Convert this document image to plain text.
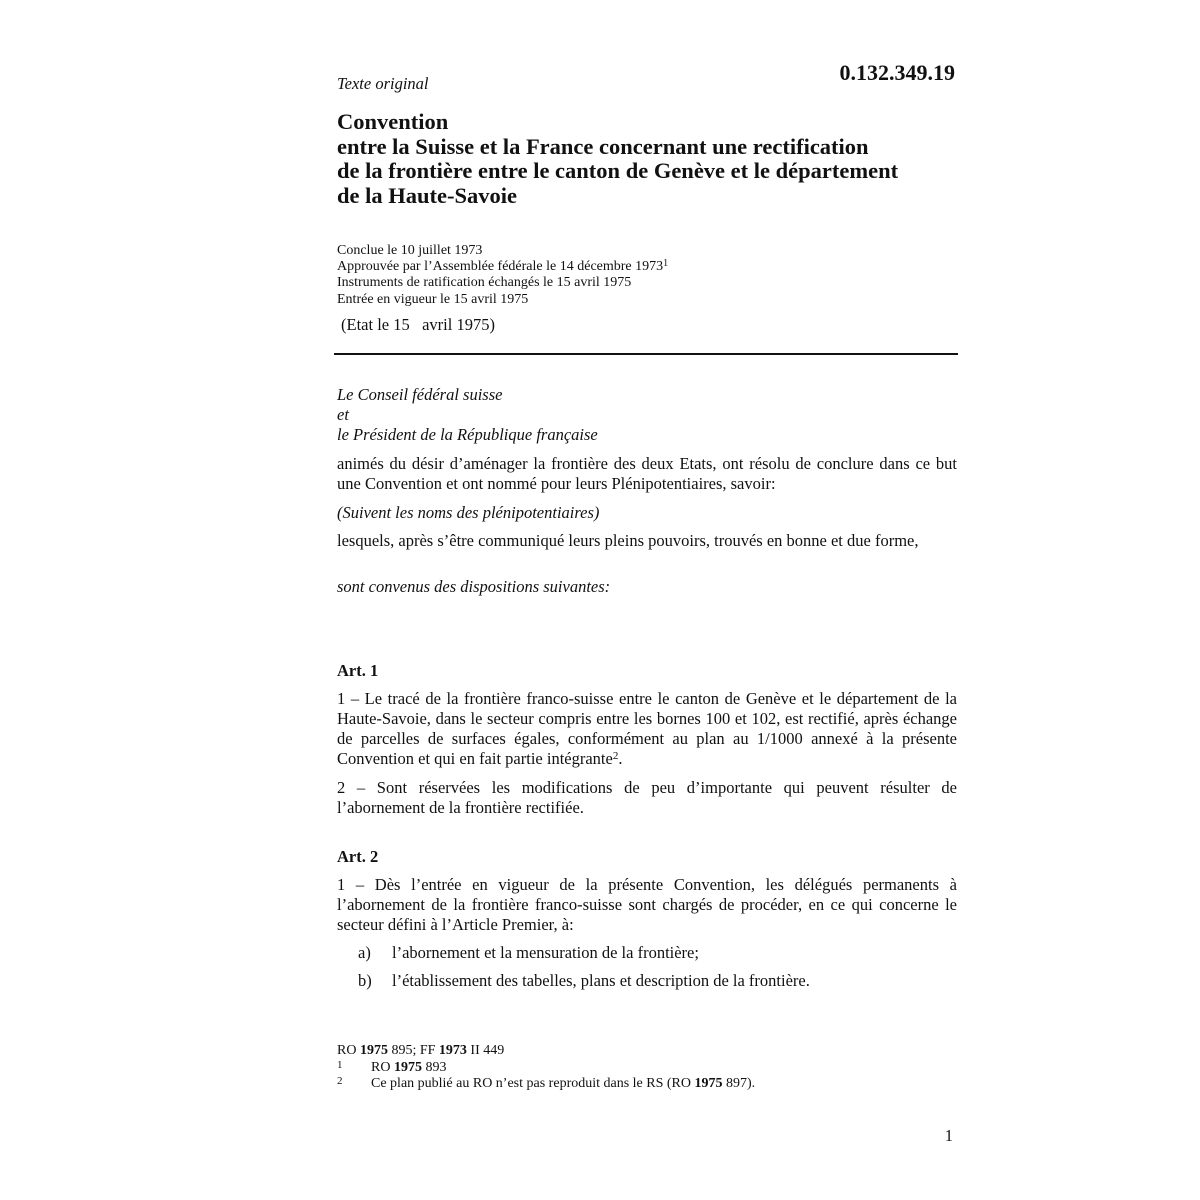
0.132.349.19
Texte original
Convention
entre la Suisse et la France concernant une rectification
de la frontière entre le canton de Genève et le département
de la Haute-Savoie
Conclue le 10 juillet 1973
Approuvée par l’Assemblée fédérale le 14 décembre 1973$^1$
Instruments de ratification échangés le 15 avril 1975
Entrée en vigueur le 15 avril 1975
(Etat le 15   avril 1975)
Le Conseil fédéral suisse
et
le Président de la République française
animés du désir d’aménager la frontière des deux Etats, ont résolu de conclure dans ce but une Convention et ont nommé pour leurs Plénipotentiaires, savoir:
(Suivent les noms des plénipotentiaires)
lesquels, après s’être communiqué leurs pleins pouvoirs, trouvés en bonne et due forme,
sont convenus des dispositions suivantes:
Art. 1
1 – Le tracé de la frontière franco-suisse entre le canton de Genève et le département de la Haute-Savoie, dans le secteur compris entre les bornes 100 et 102, est rectifié, après échange de parcelles de surfaces égales, conformément au plan au 1/1000 annexé à la présente Convention et qui en fait partie intégrante$^2$.
2 – Sont réservées les modifications de peu d’importante qui peuvent résulter de l’abornement de la frontière rectifiée.
Art. 2
1 – Dès l’entrée en vigueur de la présente Convention, les délégués permanents à l’abornement de la frontière franco-suisse sont chargés de procéder, en ce qui concerne le secteur défini à l’Article Premier, à:
a) l’abornement et la mensuration de la frontière;
b) l’établissement des tabelles, plans et description de la frontière.
RO 1975 895; FF 1973 II 449
1 RO 1975 893
2 Ce plan publié au RO n’est pas reproduit dans le RS (RO 1975 897).
1
